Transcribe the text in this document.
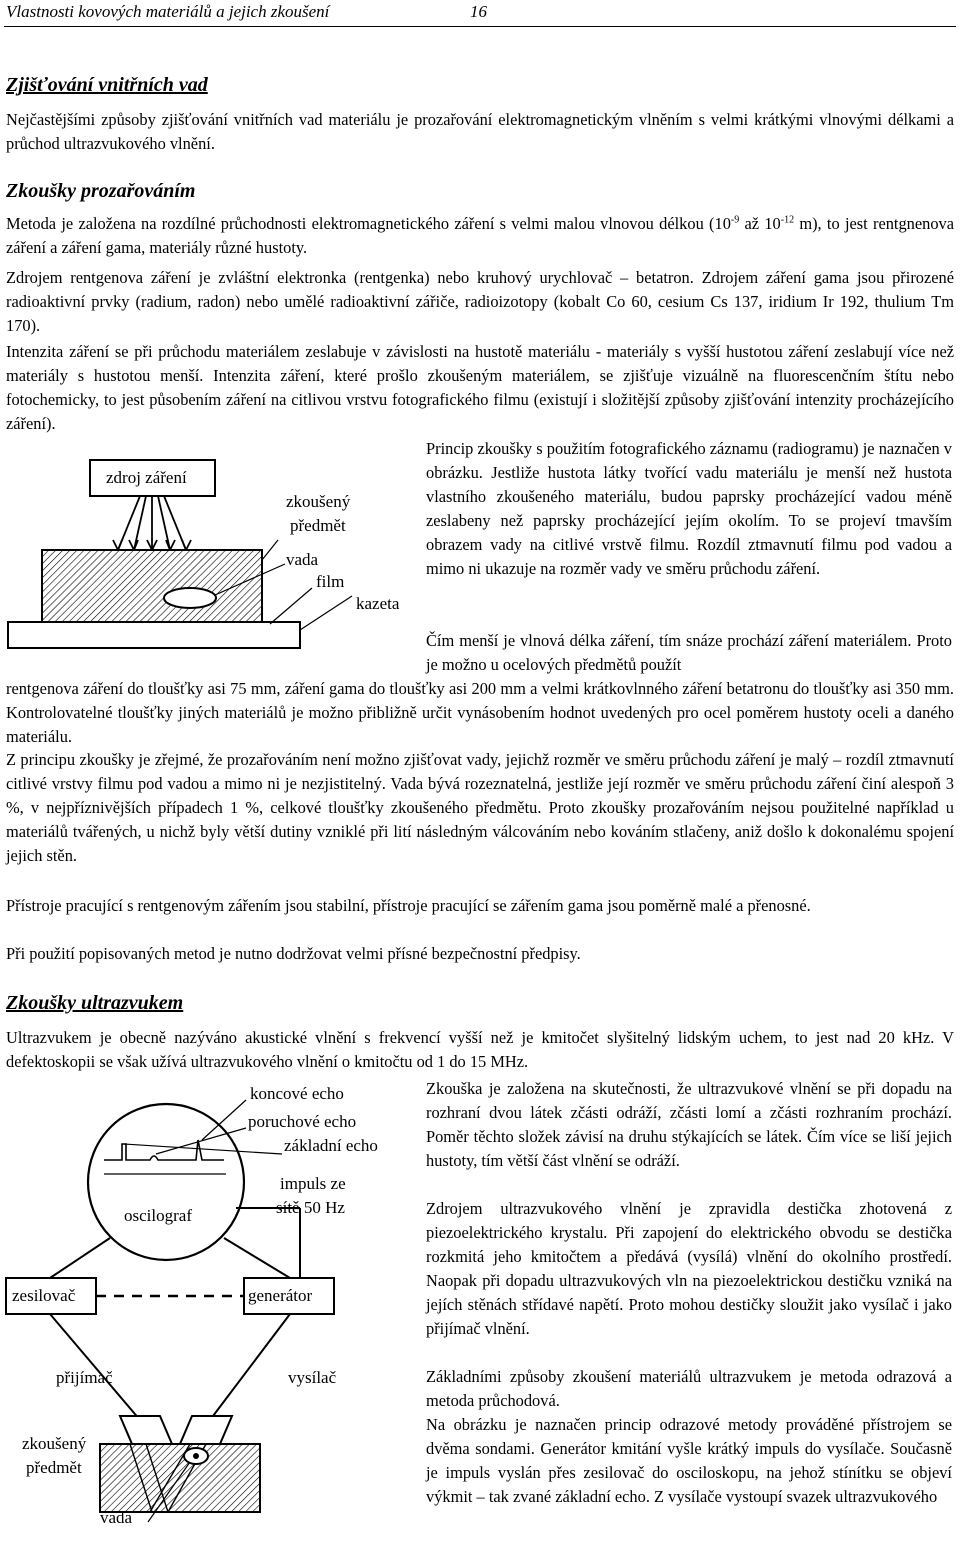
Vlastnosti kovových materiálů a jejich zkoušení	16
Zjišťování vnitřních vad

Nejčastějšími způsoby zjišťování vnitřních vad materiálu je prozařování elektromagnetickým vlněním s velmi krátkými vlnovými délkami a průchod ultrazvukového vlnění.

Zkoušky prozařováním

Metoda je založena na rozdílné průchodnosti elektromagnetického záření s velmi malou vlnovou délkou ($10^{-9}$ až $10^{-12}$ m), to jest rentgnenova záření a záření gama, materiály různé hustoty.

Zdrojem rentgenova záření je zvláštní elektronka (rentgenka) nebo kruhový urychlovač – betatron. Zdrojem záření gama jsou přirozené radioaktivní prvky (radium, radon) nebo umělé radioaktivní zářiče, radioizotopy (kobalt Co 60, cesium Cs 137, iridium Ir 192, thulium Tm 170).

Intenzita záření se při průchodu materiálem zeslabuje v závislosti na hustotě materiálu - materiály s vyšší hustotou záření zeslabují více než materiály s hustotou menší. Intenzita záření, které prošlo zkoušeným materiálem, se zjišťuje vizuálně na fluorescenčním štítu nebo fotochemicky, to jest působením záření na citlivou vrstvu fotografického filmu (existují i složitější způsoby zjišťování intenzity procházejícího záření).

Princip zkoušky s použitím fotografického záznamu (radiogramu) je naznačen v obrázku. Jestliže hustota látky tvořící vadu materiálu je menší než hustota vlastního zkoušeného materiálu, budou paprsky procházející vadou méně zeslabeny než paprsky procházející jejím okolím. To se projeví tmavším obrazem vady na citlivé vrstvě filmu. Rozdíl ztmavnutí filmu pod vadou a mimo ni ukazuje na rozměr vady ve směru průchodu záření.

Čím menší je vlnová délka záření, tím snáze prochází záření materiálem. Proto je možno u ocelových předmětů použít

rentgenova záření do tloušťky asi 75 mm, záření gama do tloušťky asi 200 mm a velmi krátkovlnného záření betatronu do tloušťky asi 350 mm. Kontrolovatelné tloušťky jiných materiálů je možno přibližně určit vynásobením hodnot uvedených pro ocel poměrem hustoty oceli a daného materiálu.

Z principu zkoušky je zřejmé, že prozařováním není možno zjišťovat vady, jejichž rozměr ve směru průchodu záření je malý – rozdíl ztmavnutí citlivé vrstvy filmu pod vadou a mimo ni je nezjistitelný. Vada bývá rozeznatelná, jestliže její rozměr ve směru průchodu záření činí alespoň 3 %, v nejpříznivějších případech 1 %, celkové tloušťky zkoušeného předmětu. Proto zkoušky prozařováním nejsou použitelné například u materiálů tvářených, u nichž byly větší dutiny vzniklé při lití následným válcováním nebo kováním stlačeny, aniž došlo k dokonalému spojení jejich stěn.

Přístroje pracující s rentgenovým zářením jsou stabilní, přístroje pracující se zářením gama jsou poměrně malé a přenosné.

Při použití popisovaných metod je nutno dodržovat velmi přísné bezpečnostní předpisy.

zdroj záření
zkoušený
předmět
vada
film
kazeta
Zkoušky ultrazvukem

Ultrazvukem je obecně nazýváno akustické vlnění s frekvencí vyšší než je kmitočet slyšitelný lidským uchem, to jest nad 20 kHz. V defektoskopii se však užívá ultrazvukového vlnění o kmitočtu od 1 do 15 MHz.

Zkouška je založena na skutečnosti, že ultrazvukové vlnění se při dopadu na rozhraní dvou látek zčásti odráží, zčásti lomí a zčásti rozhraním prochází. Poměr těchto složek závisí na druhu stýkajících se látek. Čím více se liší jejich hustoty, tím větší část vlnění se odráží.

Zdrojem ultrazvukového vlnění je zpravidla destička zhotovená z piezoelektrického krystalu. Při zapojení do elektrického obvodu se destička rozkmitá jeho kmitočtem a předává (vysílá) vlnění do okolního prostředí. Naopak při dopadu ultrazvukových vln na piezoelektrickou destičku vzniká na jejích stěnách střídavé napětí. Proto mohou destičky sloužit jako vysílač i jako přijímač vlnění.

Základními způsoby zkoušení materiálů ultrazvukem je metoda odrazová a metoda průchodová.

Na obrázku je naznačen princip odrazové metody prováděné přístrojem se dvěma sondami. Generátor kmitání vyšle krátký impuls do vysílače. Současně je impuls vyslán přes zesilovač do osciloskopu, na jehož stínítku se objeví výkmit – tak zvané základní echo. Z vysílače vystoupí svazek ultrazvukového

koncové echo
poruchové echo
základní echo
impuls ze
sítě 50 Hz
oscilograf
zesilovač	generátor
přijímač	vysílač
zkoušený
předmět
vada
